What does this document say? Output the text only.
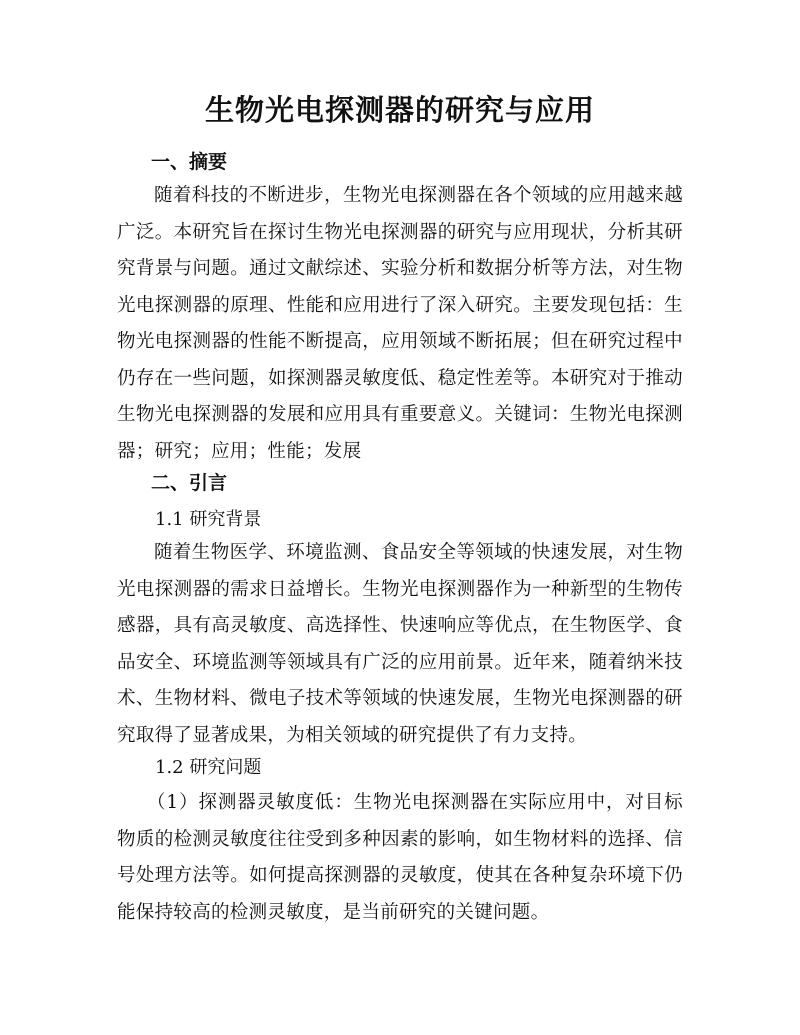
生物光电探测器的研究与应用
一、摘要
随着科技的不断进步，生物光电探测器在各个领域的应用越来越广泛。本研究旨在探讨生物光电探测器的研究与应用现状，分析其研究背景与问题。通过文献综述、实验分析和数据分析等方法，对生物光电探测器的原理、性能和应用进行了深入研究。主要发现包括：生物光电探测器的性能不断提高，应用领域不断拓展；但在研究过程中仍存在一些问题，如探测器灵敏度低、稳定性差等。本研究对于推动生物光电探测器的发展和应用具有重要意义。关键词：生物光电探测器；研究；应用；性能；发展
二、引言
1.1 研究背景
随着生物医学、环境监测、食品安全等领域的快速发展，对生物光电探测器的需求日益增长。生物光电探测器作为一种新型的生物传感器，具有高灵敏度、高选择性、快速响应等优点，在生物医学、食品安全、环境监测等领域具有广泛的应用前景。近年来，随着纳米技术、生物材料、微电子技术等领域的快速发展，生物光电探测器的研究取得了显著成果，为相关领域的研究提供了有力支持。
1.2 研究问题
（1）探测器灵敏度低：生物光电探测器在实际应用中，对目标物质的检测灵敏度往往受到多种因素的影响，如生物材料的选择、信号处理方法等。如何提高探测器的灵敏度，使其在各种复杂环境下仍能保持较高的检测灵敏度，是当前研究的关键问题。
